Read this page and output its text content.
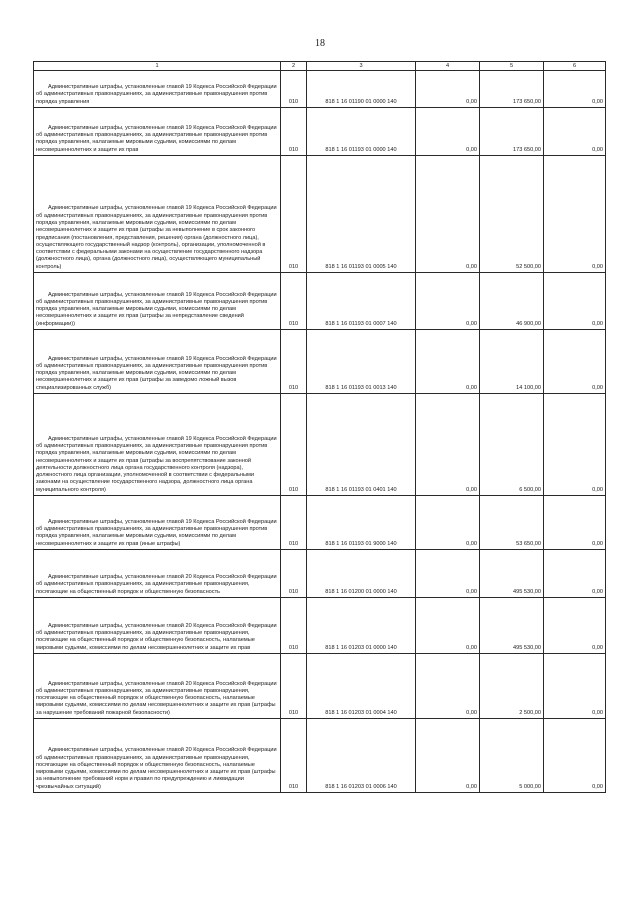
18
1	2	3	4	5	6

Административные штрафы, установленные главой 19 Кодекса Российской Федерации об административных правонарушениях, за административные правонарушения против порядка управления	010	818 1 16 01190 01 0000 140	0,00	173 650,00	0,00

Административные штрафы, установленные главой 19 Кодекса Российской Федерации об административных правонарушениях, за административные правонарушения против порядка управления, налагаемые мировыми судьями, комиссиями по делам несовершеннолетних и защите их прав	010	818 1 16 01193 01 0000 140	0,00	173 650,00	0,00

Административные штрафы, установленные главой 19 Кодекса Российской Федерации об административных правонарушениях, за административные правонарушения против порядка управления, налагаемые мировыми судьями, комиссиями по делам несовершеннолетних и защите их прав (штрафы за невыполнение в срок законного предписания (постановления, представления, решения) органа (должностного лица), осуществляющего государственный надзор (контроль), организации, уполномоченной в соответствии с федеральными законами на осуществление государственного надзора (должностного лица), органа (должностного лица), осуществляющего муниципальный контроль)	010	818 1 16 01193 01 0005 140	0,00	52 500,00	0,00

Административные штрафы, установленные главой 19 Кодекса Российской Федерации об административных правонарушениях, за административные правонарушения против порядка управления, налагаемые мировыми судьями, комиссиями по делам несовершеннолетних и защите их прав (штрафы за непредставление сведений (информации))	010	818 1 16 01193 01 0007 140	0,00	46 900,00	0,00

Административные штрафы, установленные главой 19 Кодекса Российской Федерации об административных правонарушениях, за административные правонарушения против порядка управления, налагаемые мировыми судьями, комиссиями по делам несовершеннолетних и защите их прав (штрафы за заведомо ложный вызов специализированных служб)	010	818 1 16 01193 01 0013 140	0,00	14 100,00	0,00

Административные штрафы, установленные главой 19 Кодекса Российской Федерации об административных правонарушениях, за административные правонарушения против порядка управления, налагаемые мировыми судьями, комиссиями по делам несовершеннолетних и защите их прав (штрафы за воспрепятствование законной деятельности должностного лица органа государственного контроля (надзора), должностного лица организации, уполномоченной в соответствии с федеральными законами на осуществление государственного надзора, должностного лица органа муниципального контроля)	010	818 1 16 01193 01 0401 140	0,00	6 500,00	0,00

Административные штрафы, установленные главой 19 Кодекса Российской Федерации об административных правонарушениях, за административные правонарушения против порядка управления, налагаемые мировыми судьями, комиссиями по делам несовершеннолетних и защите их прав (иные штрафы)	010	818 1 16 01193 01 9000 140	0,00	53 650,00	0,00

Административные штрафы, установленные главой 20 Кодекса Российской Федерации об административных правонарушениях, за административные правонарушения, посягающие на общественный порядок и общественную безопасность	010	818 1 16 01200 01 0000 140	0,00	495 530,00	0,00

Административные штрафы, установленные главой 20 Кодекса Российской Федерации об административных правонарушениях, за административные правонарушения, посягающие на общественный порядок и общественную безопасность, налагаемые мировыми судьями, комиссиями по делам несовершеннолетних и защите их прав	010	818 1 16 01203 01 0000 140	0,00	495 530,00	0,00

Административные штрафы, установленные главой 20 Кодекса Российской Федерации об административных правонарушениях, за административные правонарушения, посягающие на общественный порядок и общественную безопасность, налагаемые мировыми судьями, комиссиями по делам несовершеннолетних и защите их прав (штрафы за нарушение требований пожарной безопасности)	010	818 1 16 01203 01 0004 140	0,00	2 500,00	0,00

Административные штрафы, установленные главой 20 Кодекса Российской Федерации об административных правонарушениях, за административные правонарушения, посягающие на общественный порядок и общественную безопасность, налагаемые мировыми судьями, комиссиями по делам несовершеннолетних и защите их прав (штрафы за невыполнение требований норм и правил по предупреждению и ликвидации чрезвычайных ситуаций)	010	818 1 16 01203 01 0006 140	0,00	5 000,00	0,00
